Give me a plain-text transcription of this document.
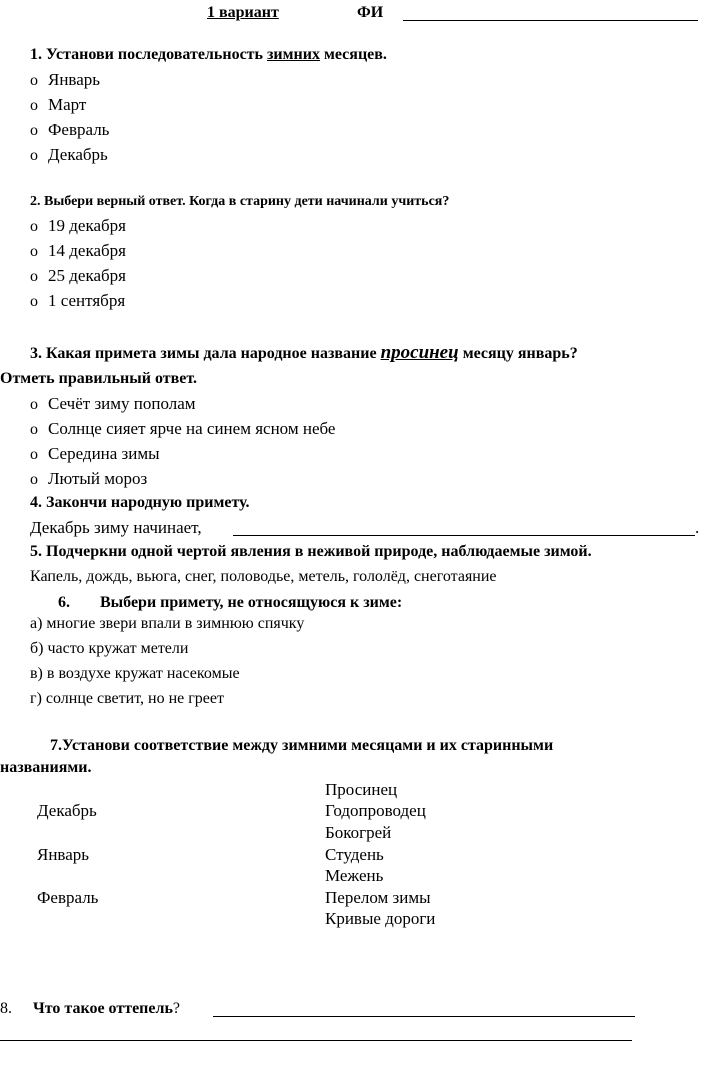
1 вариант	ФИ
1. Установи последовательность зимних месяцев.
o Январь
o Март
o Февраль
o Декабрь
2. Выбери верный ответ. Когда в старину дети начинали учиться?
o 19 декабря
o 14 декабря
o 25 декабря
o 1 сентября
3. Какая примета зимы дала народное название просинец месяцу январь?
Отметь правильный ответ.
o Сечёт зиму пополам
o Солнце сияет ярче на синем ясном небе
o Середина зимы
o Лютый мороз
4. Закончи народную примету.
Декабрь зиму начинает,	.
5. Подчеркни одной чертой явления в неживой природе, наблюдаемые зимой.
Капель, дождь, вьюга, снег, половодье, метель, гололёд, снеготаяние
6. Выбери примету, не относящуюся к зиме:
а) многие звери впали в зимнюю спячку
б) часто кружат метели
в) в воздухе кружат насекомые
г) солнце светит, но не греет
7.Установи соответствие между зимними месяцами и их старинными
названиями.
Декабрь
Январь
Февраль
Просинец
Годопроводец
Бокогрей
Студень
Межень
Перелом зимы
Кривые дороги
8. Что такое оттепель?
